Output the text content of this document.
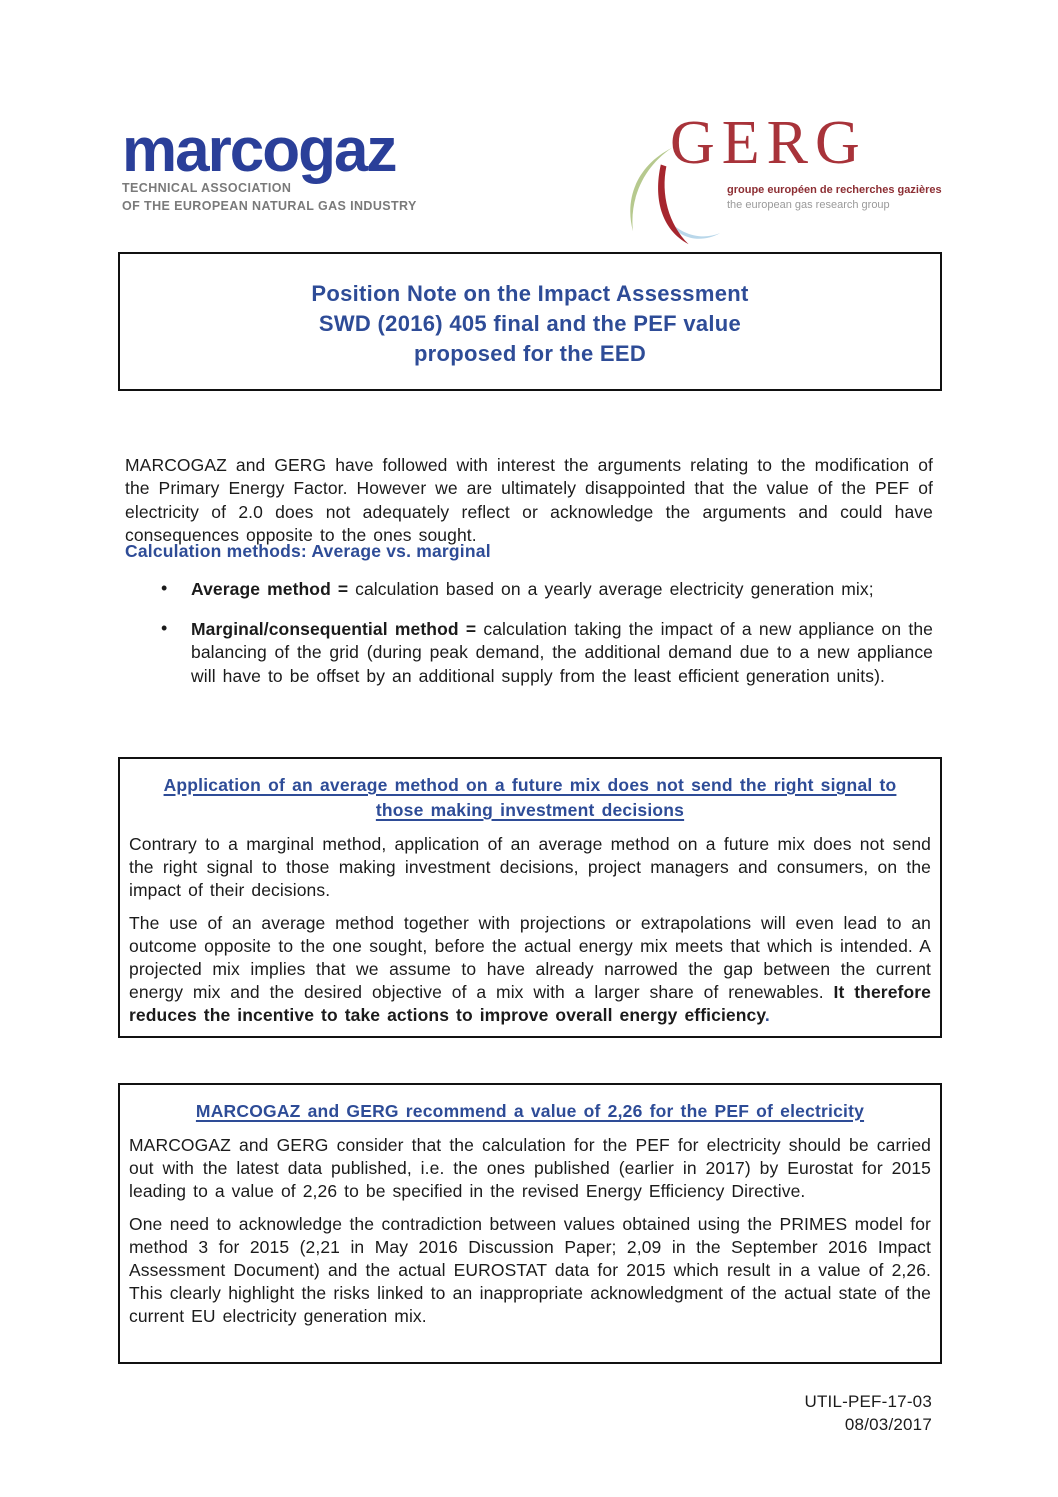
marcogaz
TECHNICAL ASSOCIATION
OF THE EUROPEAN NATURAL GAS INDUSTRY
GERG
groupe européen de recherches gazières
the european gas research group
Position Note on the Impact Assessment
SWD (2016) 405 final and the PEF value
proposed for the EED

MARCOGAZ and GERG have followed with interest the arguments relating to the modification of the Primary Energy Factor. However we are ultimately disappointed that the value of the PEF of electricity of 2.0 does not adequately reflect or acknowledge the arguments and could have consequences opposite to the ones sought.

Calculation methods: Average vs. marginal
• Average method = calculation based on a yearly average electricity generation mix;
• Marginal/consequential method = calculation taking the impact of a new appliance on the balancing of the grid (during peak demand, the additional demand due to a new appliance will have to be offset by an additional supply from the least efficient generation units).
Application of an average method on a future mix does not send the right signal to those making investment decisions

Contrary to a marginal method, application of an average method on a future mix does not send the right signal to those making investment decisions, project managers and consumers, on the impact of their decisions.

The use of an average method together with projections or extrapolations will even lead to an outcome opposite to the one sought, before the actual energy mix meets that which is intended. A projected mix implies that we assume to have already narrowed the gap between the current energy mix and the desired objective of a mix with a larger share of renewables. It therefore reduces the incentive to take actions to improve overall energy efficiency.

MARCOGAZ and GERG recommend a value of 2,26 for the PEF of electricity

MARCOGAZ and GERG consider that the calculation for the PEF for electricity should be carried out with the latest data published, i.e. the ones published (earlier in 2017) by Eurostat for 2015 leading to a value of 2,26 to be specified in the revised Energy Efficiency Directive.

One need to acknowledge the contradiction between values obtained using the PRIMES model for method 3 for 2015 (2,21 in May 2016 Discussion Paper; 2,09 in the September 2016 Impact Assessment Document) and the actual EUROSTAT data for 2015 which result in a value of 2,26. This clearly highlight the risks linked to an inappropriate acknowledgment of the actual state of the current EU electricity generation mix.

UTIL-PEF-17-03
08/03/2017
